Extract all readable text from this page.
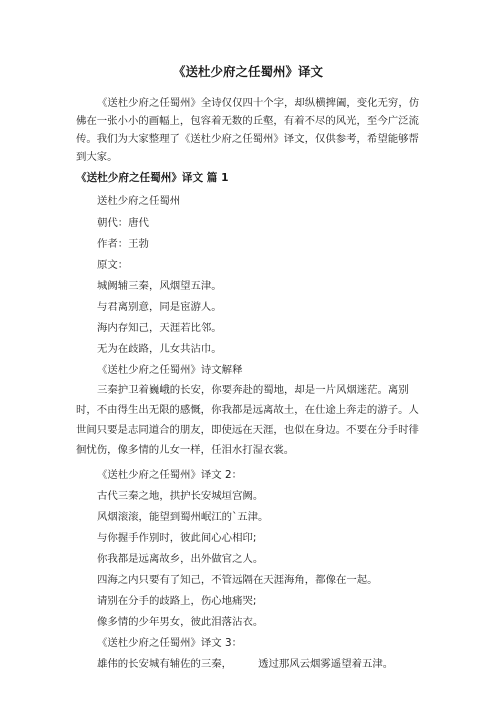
《送杜少府之任蜀州》译文

《送杜少府之任蜀州》全诗仅仅四十个字，却纵横捭阖，变化无穷，仿佛在一张小小的画幅上，包容着无数的丘壑，有着不尽的风光，至今广泛流传。我们为大家整理了《送杜少府之任蜀州》译文，仅供参考，希望能够帮到大家。

《送杜少府之任蜀州》译文 篇 1
送杜少府之任蜀州
朝代：唐代
作者：王勃
原文：
城阙辅三秦，风烟望五津。
与君离别意，同是宦游人。
海内存知己，天涯若比邻。
无为在歧路，儿女共沾巾。
《送杜少府之任蜀州》诗文解释

三秦护卫着巍峨的长安，你要奔赴的蜀地，却是一片风烟迷茫。离别时，不由得生出无限的感慨，你我都是远离故土，在仕途上奔走的游子。人世间只要是志同道合的朋友，即使远在天涯，也似在身边。不要在分手时徘徊忧伤，像多情的儿女一样，任泪水打湿衣裳。

《送杜少府之任蜀州》译文 2：
古代三秦之地，拱护长安城垣宫阙。
风烟滚滚，能望到蜀州岷江的`五津。
与你握手作别时，彼此间心心相印;
你我都是远离故乡，出外做官之人。
四海之内只要有了知己，不管远隔在天涯海角，都像在一起。
请别在分手的歧路上，伤心地痛哭;
像多情的少年男女，彼此泪落沾衣。
《送杜少府之任蜀州》译文 3：
雄伟的长安城有辅佐的三秦，	透过那风云烟雾遥望着五津。
